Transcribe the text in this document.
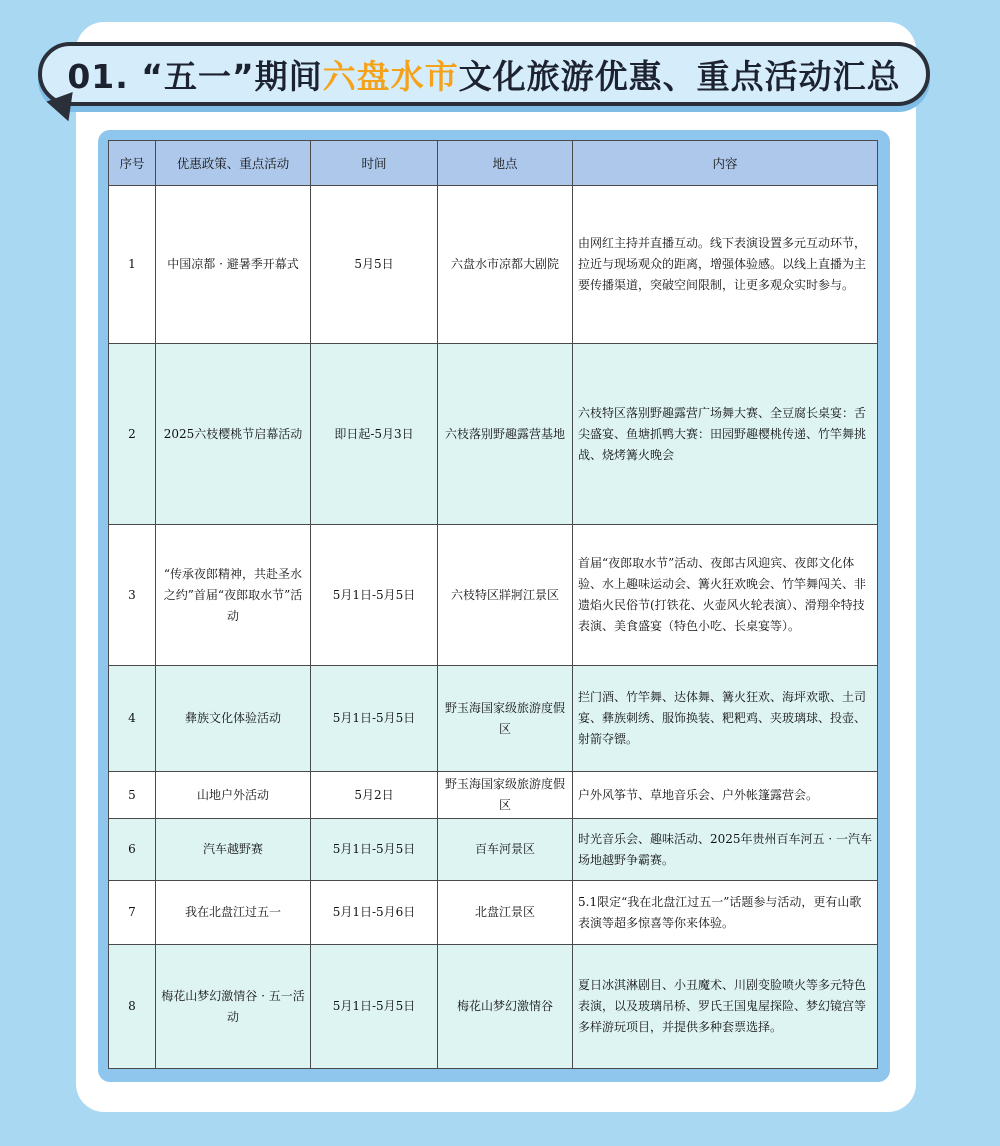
01. “五一”期间 六盘水市 文化旅游优惠、重点活动汇总
序号	优惠政策、重点活动	时间	地点	内容
1	中国凉都 · 避暑季开幕式	5月5日	六盘水市凉都大剧院	由网红主持并直播互动。线下表演设置多元互动环节，拉近与现场观众的距离，增强体验感。以线上直播为主要传播渠道，突破空间限制，让更多观众实时参与。
2	2025六枝樱桃节启幕活动	即日起-5月3日	六枝落别野趣露营基地	六枝特区落别野趣露营广场舞大赛、全豆腐长桌宴：舌尖盛宴、鱼塘抓鸭大赛：田园野趣樱桃传递、竹竿舞挑战、烧烤篝火晚会
3	“传承夜郎精神，共赴圣水之约”首届“夜郎取水节”活动	5月1日-5月5日	六枝特区牂牁江景区	首届“夜郎取水节”活动、夜郎古风迎宾、夜郎文化体验、水上趣味运动会、篝火狂欢晚会、竹竿舞闯关、非遗焰火民俗节(打铁花、火壶风火轮表演）、滑翔伞特技表演、美食盛宴（特色小吃、长桌宴等）。
4	彝族文化体验活动	5月1日-5月5日	野玉海国家级旅游度假区	拦门酒、竹竿舞、达体舞、篝火狂欢、海坪欢歌、土司宴、彝族刺绣、服饰换装、粑粑鸡、夹玻璃球、投壶、射箭夺镖。
5	山地户外活动	5月2日	野玉海国家级旅游度假区	户外风筝节、草地音乐会、户外帐篷露营会。
6	汽车越野赛	5月1日-5月5日	百车河景区	时光音乐会、趣味活动、2025年贵州百车河五 · 一汽车场地越野争霸赛。
7	我在北盘江过五一	5月1日-5月6日	北盘江景区	5.1限定“我在北盘江过五一”话题参与活动，更有山歌表演等超多惊喜等你来体验。
8	梅花山梦幻激情谷 · 五一活动	5月1日-5月5日	梅花山梦幻激情谷	夏日冰淇淋剧目、小丑魔术、川剧变脸喷火等多元特色表演，以及玻璃吊桥、罗氏王国鬼屋探险、梦幻镜宫等多样游玩项目，并提供多种套票选择。
